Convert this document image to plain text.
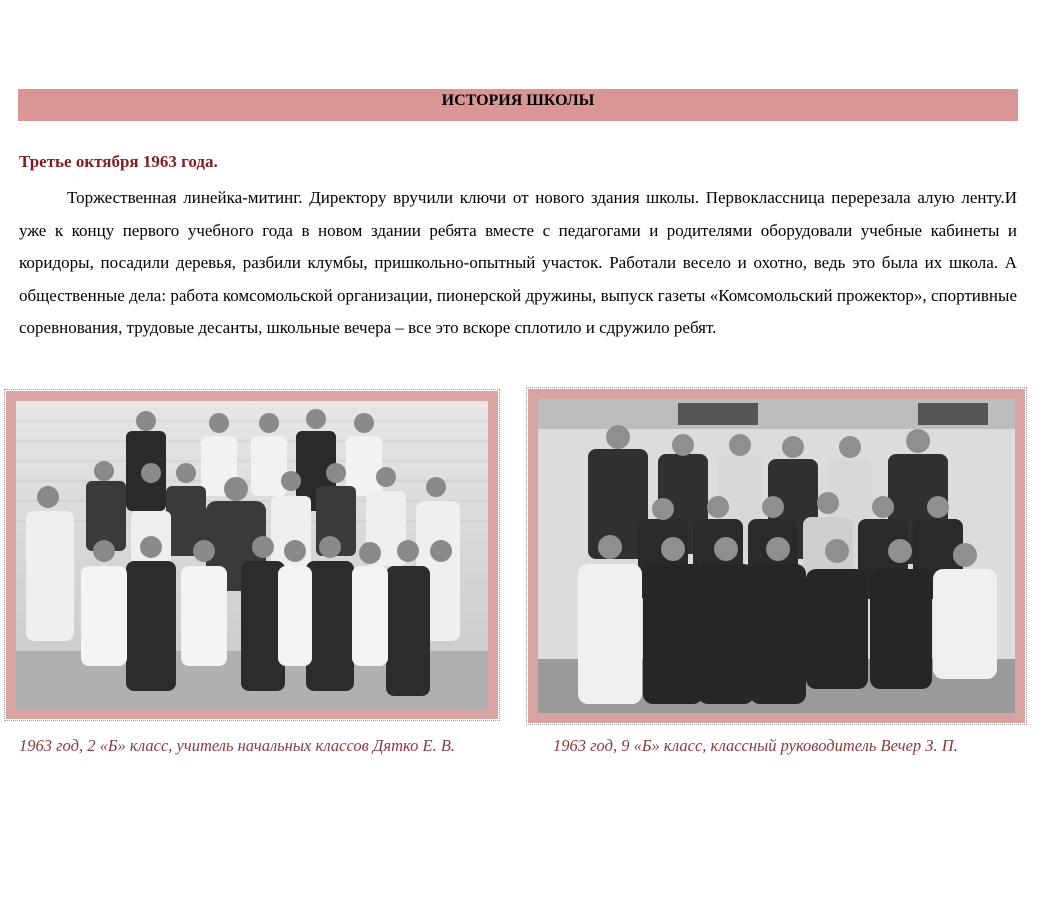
ИСТОРИЯ ШКОЛЫ
Третье октября 1963 года.

Торжественная линейка-митинг. Директору вручили ключи от нового здания школы. Первоклассница перерезала алую ленту.И уже к концу первого учебного года в новом здании ребята вместе с педагогами и родителями оборудовали учебные кабинеты и коридоры, посадили деревья, разбили клумбы, пришкольно-опытный участок. Работали весело и охотно, ведь это была их школа. А общественные дела: работа комсомольской организации, пионерской дружины, выпуск газеты «Комсомольский прожектор», спортивные соревнования, трудовые десанты, школьные вечера – все это вскоре сплотило и сдружило ребят.

1963 год, 2 «Б» класс, учитель начальных классов Дятко Е. В.	1963 год, 9 «Б» класс, классный руководитель Вечер З. П.
